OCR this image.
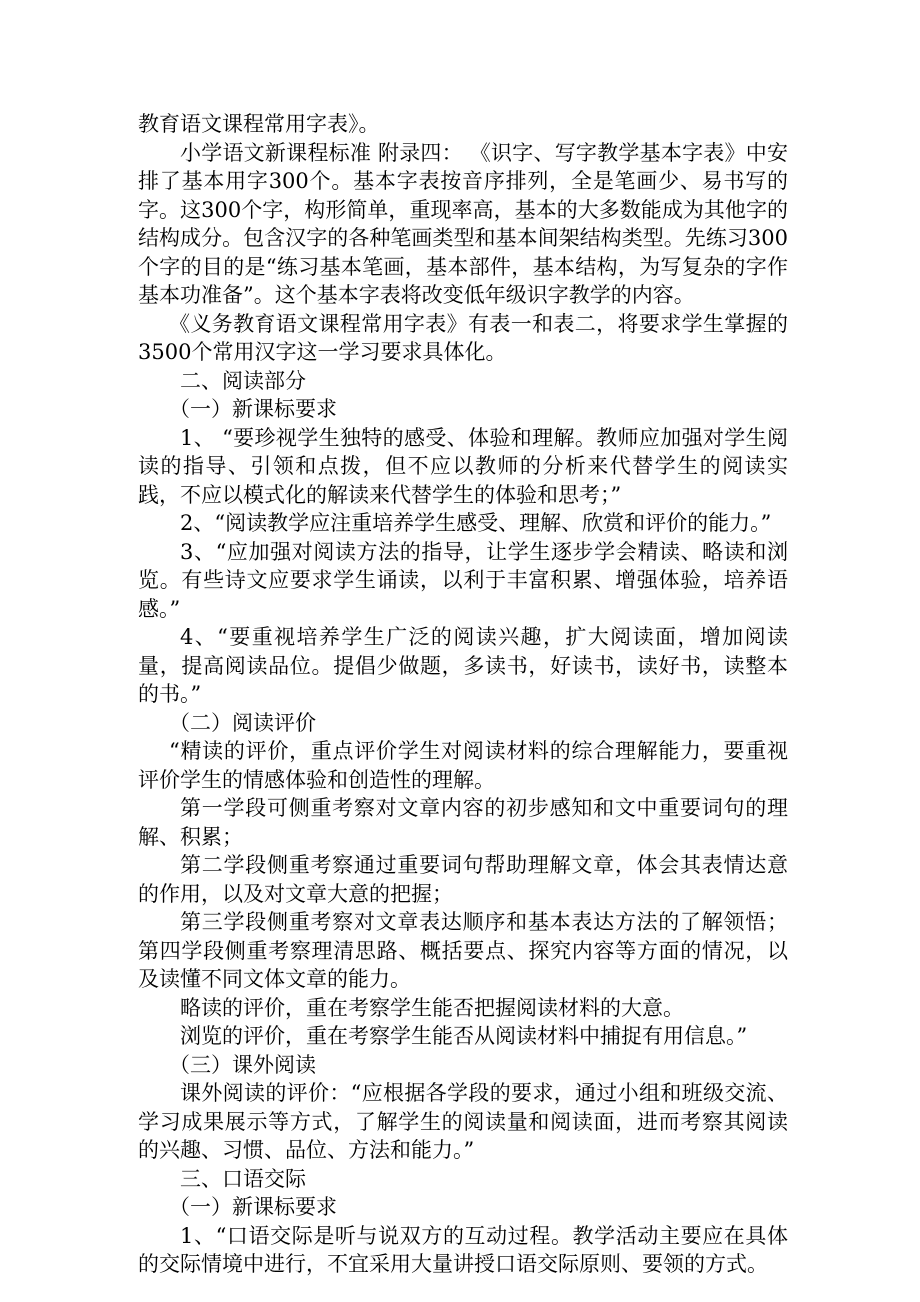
教育语文课程常用字表》。

小学语文新课程标准 附录四： 《识字、写字教学基本字表》中安排了基本用字300个。基本字表按音序排列，全是笔画少、易书写的字。这300个字，构形简单，重现率高，基本的大多数能成为其他字的结构成分。包含汉字的各种笔画类型和基本间架结构类型。先练习300个字的目的是“练习基本笔画，基本部件，基本结构，为写复杂的字作基本功准备”。这个基本字表将改变低年级识字教学的内容。

《义务教育语文课程常用字表》有表一和表二，将要求学生掌握的3500个常用汉字这一学习要求具体化。

二、阅读部分

（一）新课标要求

1、 “要珍视学生独特的感受、体验和理解。教师应加强对学生阅读的指导、引领和点拨，但不应以教师的分析来代替学生的阅读实践，不应以模式化的解读来代替学生的体验和思考；”

2、“阅读教学应注重培养学生感受、理解、欣赏和评价的能力。”

3、“应加强对阅读方法的指导，让学生逐步学会精读、略读和浏览。有些诗文应要求学生诵读，以利于丰富积累、增强体验，培养语感。”

4、“要重视培养学生广泛的阅读兴趣，扩大阅读面，增加阅读量，提高阅读品位。提倡少做题，多读书，好读书，读好书，读整本的书。”

（二）阅读评价

“精读的评价，重点评价学生对阅读材料的综合理解能力，要重视评价学生的情感体验和创造性的理解。

第一学段可侧重考察对文章内容的初步感知和文中重要词句的理解、积累；

第二学段侧重考察通过重要词句帮助理解文章，体会其表情达意的作用，以及对文章大意的把握；

第三学段侧重考察对文章表达顺序和基本表达方法的了解领悟；第四学段侧重考察理清思路、概括要点、探究内容等方面的情况，以及读懂不同文体文章的能力。

略读的评价，重在考察学生能否把握阅读材料的大意。

浏览的评价，重在考察学生能否从阅读材料中捕捉有用信息。”

（三）课外阅读

课外阅读的评价：“应根据各学段的要求，通过小组和班级交流、学习成果展示等方式，了解学生的阅读量和阅读面，进而考察其阅读的兴趣、习惯、品位、方法和能力。”

三、口语交际

（一）新课标要求

1、“口语交际是听与说双方的互动过程。教学活动主要应在具体的交际情境中进行，不宜采用大量讲授口语交际原则、要领的方式。
